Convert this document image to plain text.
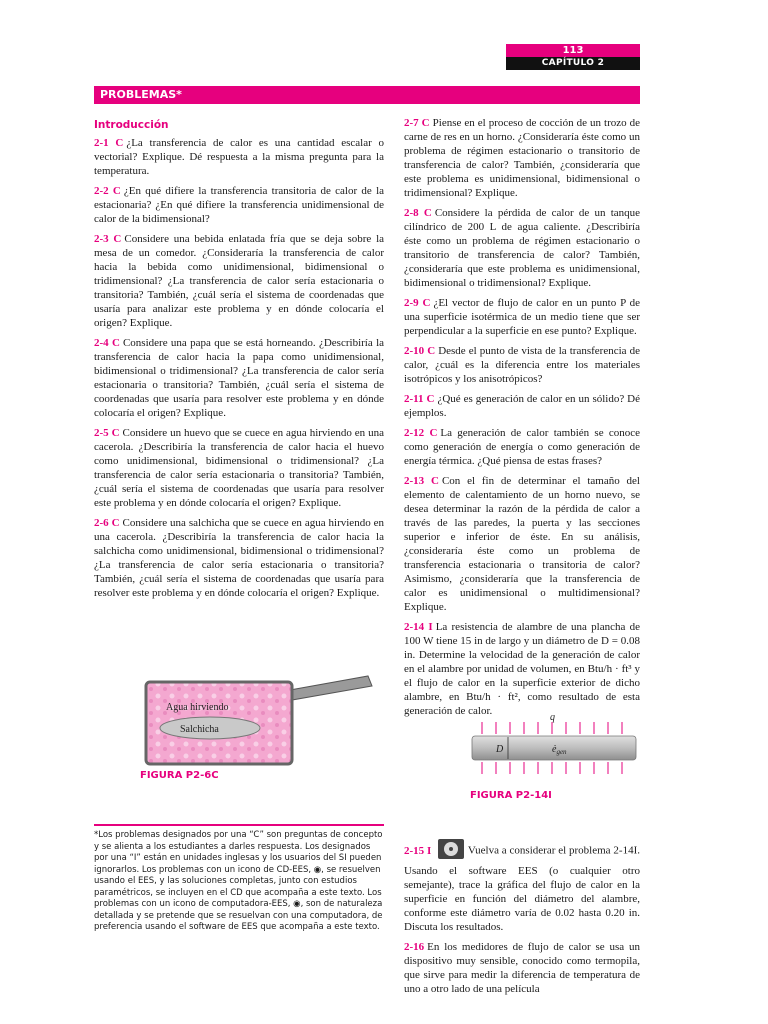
113
CAPÍTULO 2
PROBLEMAS*
Introducción
2-1 C ¿La transferencia de calor es una cantidad escalar o vectorial? Explique. Dé respuesta a la misma pregunta para la temperatura.
2-2 C ¿En qué difiere la transferencia transitoria de calor de la estacionaria? ¿En qué difiere la transferencia unidimensional de calor de la bidimensional?
2-3 C Considere una bebida enlatada fría que se deja sobre la mesa de un comedor. ¿Consideraría la transferencia de calor hacia la bebida como unidimensional, bidimensional o tridimensional? ¿La transferencia de calor sería estacionaria o transitoria? También, ¿cuál sería el sistema de coordenadas que usaría para analizar este problema y en dónde colocaría el origen? Explique.
2-4 C Considere una papa que se está horneando. ¿Describiría la transferencia de calor hacia la papa como unidimensional, bidimensional o tridimensional? ¿La transferencia de calor sería estacionaria o transitoria? También, ¿cuál sería el sistema de coordenadas que usaría para resolver este problema y en dónde colocaría el origen? Explique.
2-5 C Considere un huevo que se cuece en agua hirviendo en una cacerola. ¿Describiría la transferencia de calor hacia el huevo como unidimensional, bidimensional o tridimensional? ¿La transferencia de calor sería estacionaria o transitoria? También, ¿cuál sería el sistema de coordenadas que usaría para resolver este problema y en dónde colocaría el origen? Explique.
2-6 C Considere una salchicha que se cuece en agua hirviendo en una cacerola. ¿Describiría la transferencia de calor hacia la salchicha como unidimensional, bidimensional o tridimensional? ¿La transferencia de calor sería estacionaria o transitoria? También, ¿cuál sería el sistema de coordenadas que usaría para resolver este problema y en dónde colocaría el origen? Explique.
Agua hirviendo
Salchicha
FIGURA P2-6C
2-7 C Piense en el proceso de cocción de un trozo de carne de res en un horno. ¿Consideraría éste como un problema de régimen estacionario o transitorio de transferencia de calor? También, ¿consideraría que este problema es unidimensional, bidimensional o tridimensional? Explique.
2-8 C Considere la pérdida de calor de un tanque cilíndrico de 200 L de agua caliente. ¿Describiría éste como un problema de régimen estacionario o transitorio de transferencia de calor? También, ¿consideraría que este problema es unidimensional, bidimensional o tridimensional? Explique.
2-9 C ¿El vector de flujo de calor en un punto P de una superficie isotérmica de un medio tiene que ser perpendicular a la superficie en ese punto? Explique.
2-10 C Desde el punto de vista de la transferencia de calor, ¿cuál es la diferencia entre los materiales isotrópicos y los anisotrópicos?
2-11 C ¿Qué es generación de calor en un sólido? Dé ejemplos.
2-12 C La generación de calor también se conoce como generación de energía o como generación de energía térmica. ¿Qué piensa de estas frases?
2-13 C Con el fin de determinar el tamaño del elemento de calentamiento de un horno nuevo, se desea determinar la razón de la pérdida de calor a través de las paredes, la puerta y las secciones superior e inferior de éste. En su análisis, ¿consideraría éste como un problema de transferencia estacionaria o transitoria de calor? Asimismo, ¿consideraría que la transferencia de calor es unidimensional o multidimensional? Explique.
2-14 I La resistencia de alambre de una plancha de 100 W tiene 15 in de largo y un diámetro de D = 0.08 in. Determine la velocidad de la generación de calor en el alambre por unidad de volumen, en Btu/h · ft³ y el flujo de calor en la superficie exterior de dicho alambre, en Btu/h · ft², como resultado de esta generación de calor.
q
D	$ė_{gen}$
FIGURA P2-14I
2-15 I	Vuelva a considerar el problema 2-14I. Usando el software EES (o cualquier otro semejante), trace la gráfica del flujo de calor en la superficie en función del diámetro del alambre, conforme este diámetro varía de 0.02 hasta 0.20 in. Discuta los resultados.
2-16 En los medidores de flujo de calor se usa un dispositivo muy sensible, conocido como termopila, que sirve para medir la diferencia de temperatura de uno a otro lado de una película
*Los problemas designados por una “C” son preguntas de concepto y se alienta a los estudiantes a darles respuesta. Los designados por una “I” están en unidades inglesas y los usuarios del SI pueden ignorarlos. Los problemas con un icono de CD-EES, ◉, se resuelven usando el EES, y las soluciones completas, junto con estudios paramétricos, se incluyen en el CD que acompaña a este texto. Los problemas con un icono de computadora-EES, ◉, son de naturaleza detallada y se pretende que se resuelvan con una computadora, de preferencia usando el software de EES que acompaña a este texto.
